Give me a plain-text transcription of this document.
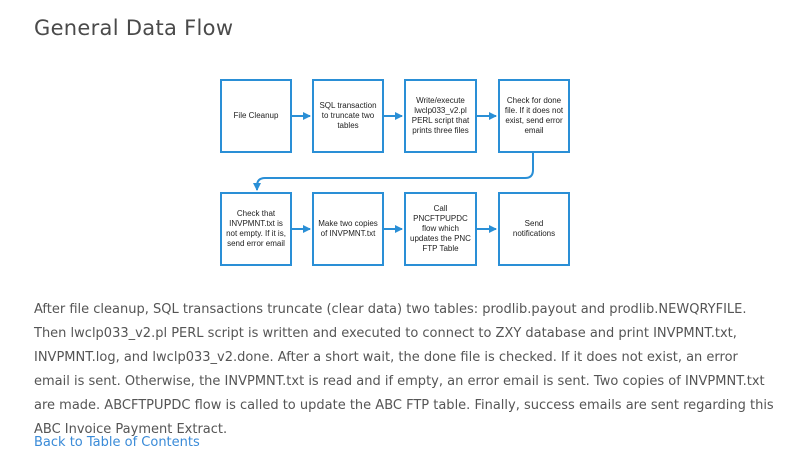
General Data Flow
File Cleanup
SQL transaction to truncate two tables
Write/execute lwclp033_v2.pl PERL script that prints three files
Check for done file. If it does not exist, send error email
Check that INVPMNT.txt is not empty. If it is, send error email
Make two copies of INVPMNT.txt
Call PNCFTPUPDC flow which updates the PNC FTP Table
Send notifications

After file cleanup, SQL transactions truncate (clear data) two tables: prodlib.payout and prodlib.NEWQRYFILE. Then lwclp033_v2.pl PERL script is written and executed to connect to ZXY database and print INVPMNT.txt, INVPMNT.log, and lwclp033_v2.done. After a short wait, the done file is checked. If it does not exist, an error email is sent. Otherwise, the INVPMNT.txt is read and if empty, an error email is sent. Two copies of INVPMNT.txt are made. ABCFTPUPDC flow is called to update the ABC FTP table. Finally, success emails are sent regarding this ABC Invoice Payment Extract.

Back to Table of Contents
